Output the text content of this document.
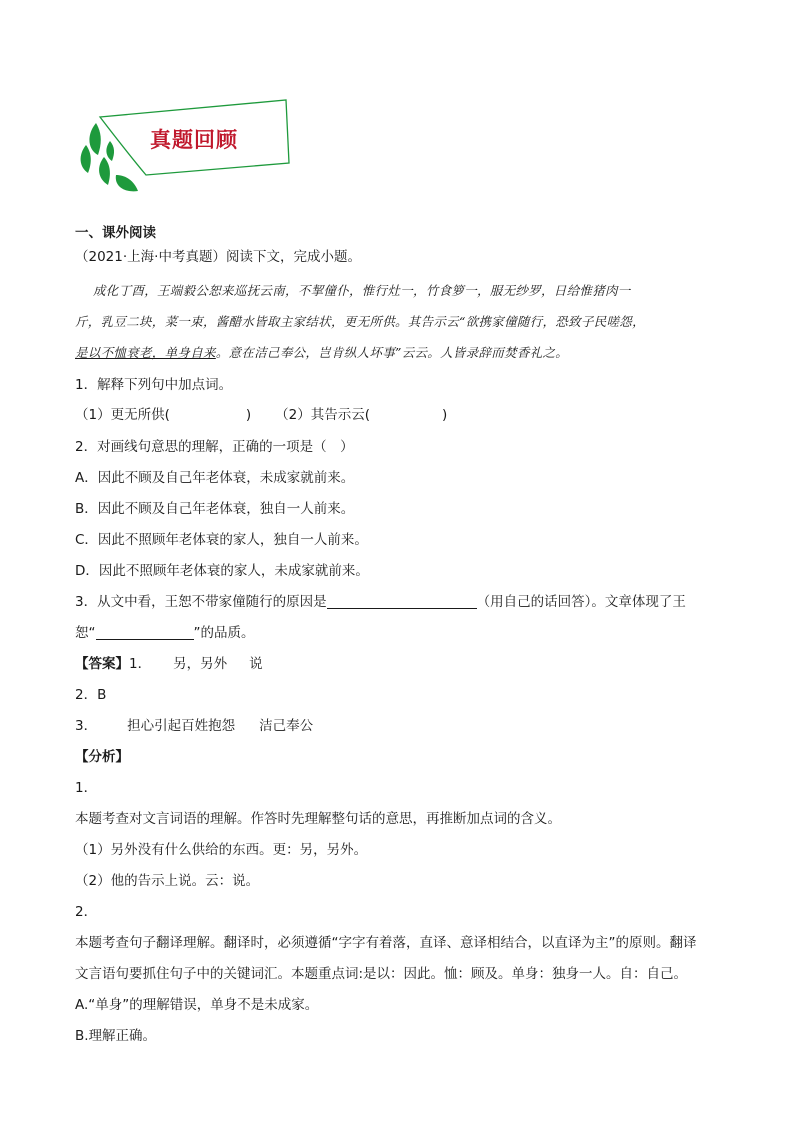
真题回顾
一、课外阅读
（2021·上海·中考真题）阅读下文，完成小题。
成化丁酉，王端毅公恕来巡抚云南，不挈僮仆，惟行灶一，竹食箩一，服无纱罗，日给惟猪肉一
斤，乳豆二块，菜一束，酱醋水皆取主家结状，更无所供。其告示云“欲携家僮随行，恐致子民嗟怨，
是以不恤衰老，单身自来。意在洁己奉公，岂肯纵人坏事”云云。人皆录辞而焚香礼之。
1．解释下列句中加点词。
（1）更无所供(	) （2）其告示云(	)
2．对画线句意思的理解，正确的一项是（　）
A．因此不顾及自己年老体衰，未成家就前来。
B．因此不顾及自己年老体衰，独自一人前来。
C．因此不照顾年老体衰的家人，独自一人前来。
D．因此不照顾年老体衰的家人，未成家就前来。
3．从文中看，王恕不带家僮随行的原因是	（用自己的话回答）。文章体现了王
恕“	”的品质。
【答案】1． 另，另外 说
2．B
3． 担心引起百姓抱怨 洁己奉公
【分析】
1．
本题考查对文言词语的理解。作答时先理解整句话的意思，再推断加点词的含义。
（1）另外没有什么供给的东西。更：另，另外。
（2）他的告示上说。云：说。
2．
本题考查句子翻译理解。翻译时，必须遵循“字字有着落，直译、意译相结合，以直译为主”的原则。翻译
文言语句要抓住句子中的关键词汇。本题重点词:是以：因此。恤：顾及。单身：独身一人。自：自己。
A.“单身”的理解错误，单身不是未成家。
B.理解正确。
